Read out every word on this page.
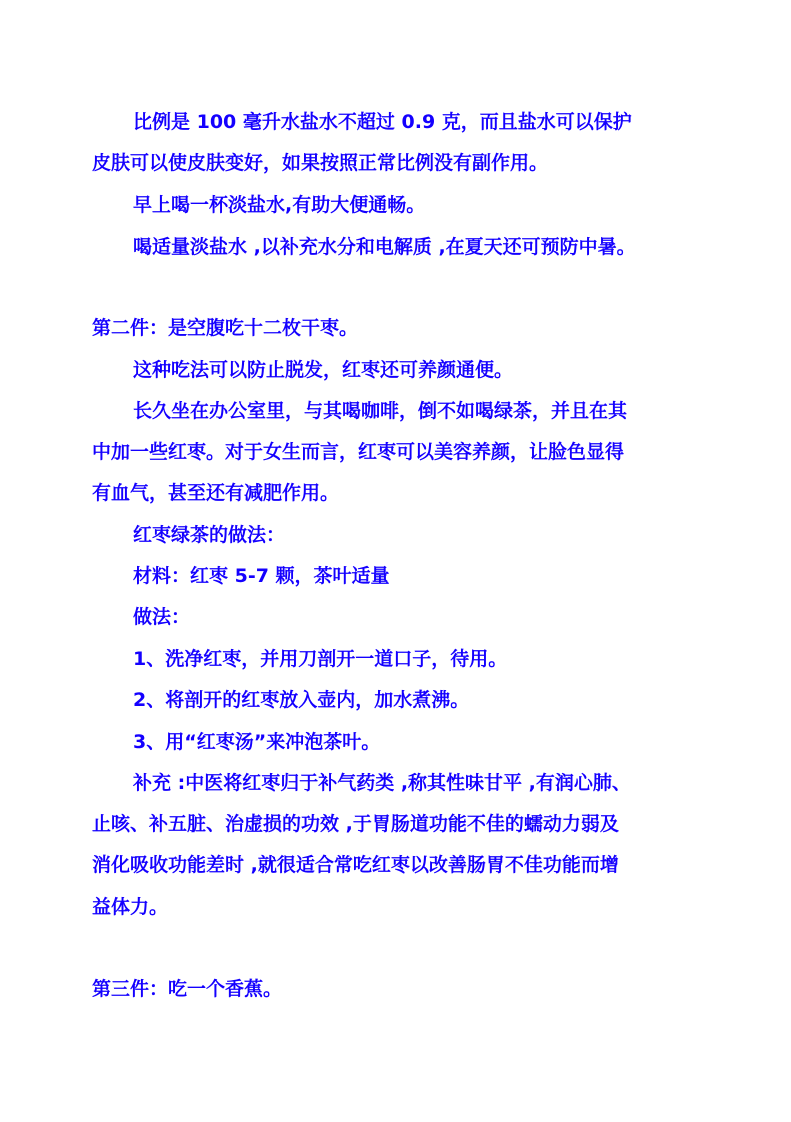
比例是 100 毫升水盐水不超过 0.9 克，而且盐水可以保护
皮肤可以使皮肤变好，如果按照正常比例没有副作用。
早上喝一杯淡盐水,有助大便通畅。
喝适量淡盐水 ,以补充水分和电解质 ,在夏天还可预防中暑。
第二件：是空腹吃十二枚干枣。
这种吃法可以防止脱发，红枣还可养颜通便。
长久坐在办公室里，与其喝咖啡，倒不如喝绿茶，并且在其
中加一些红枣。对于女生而言，红枣可以美容养颜，让脸色显得
有血气，甚至还有减肥作用。
红枣绿茶的做法：
材料：红枣 5-7 颗，茶叶适量
做法：
1、洗净红枣，并用刀剖开一道口子，待用。
2、将剖开的红枣放入壶内，加水煮沸。
3、用“红枣汤”来冲泡茶叶。
补充 :中医将红枣归于补气药类 ,称其性味甘平 ,有润心肺、
止咳、补五脏、治虚损的功效 ,于胃肠道功能不佳的蠕动力弱及
消化吸收功能差时 ,就很适合常吃红枣以改善肠胃不佳功能而增
益体力。
第三件：吃一个香蕉。
